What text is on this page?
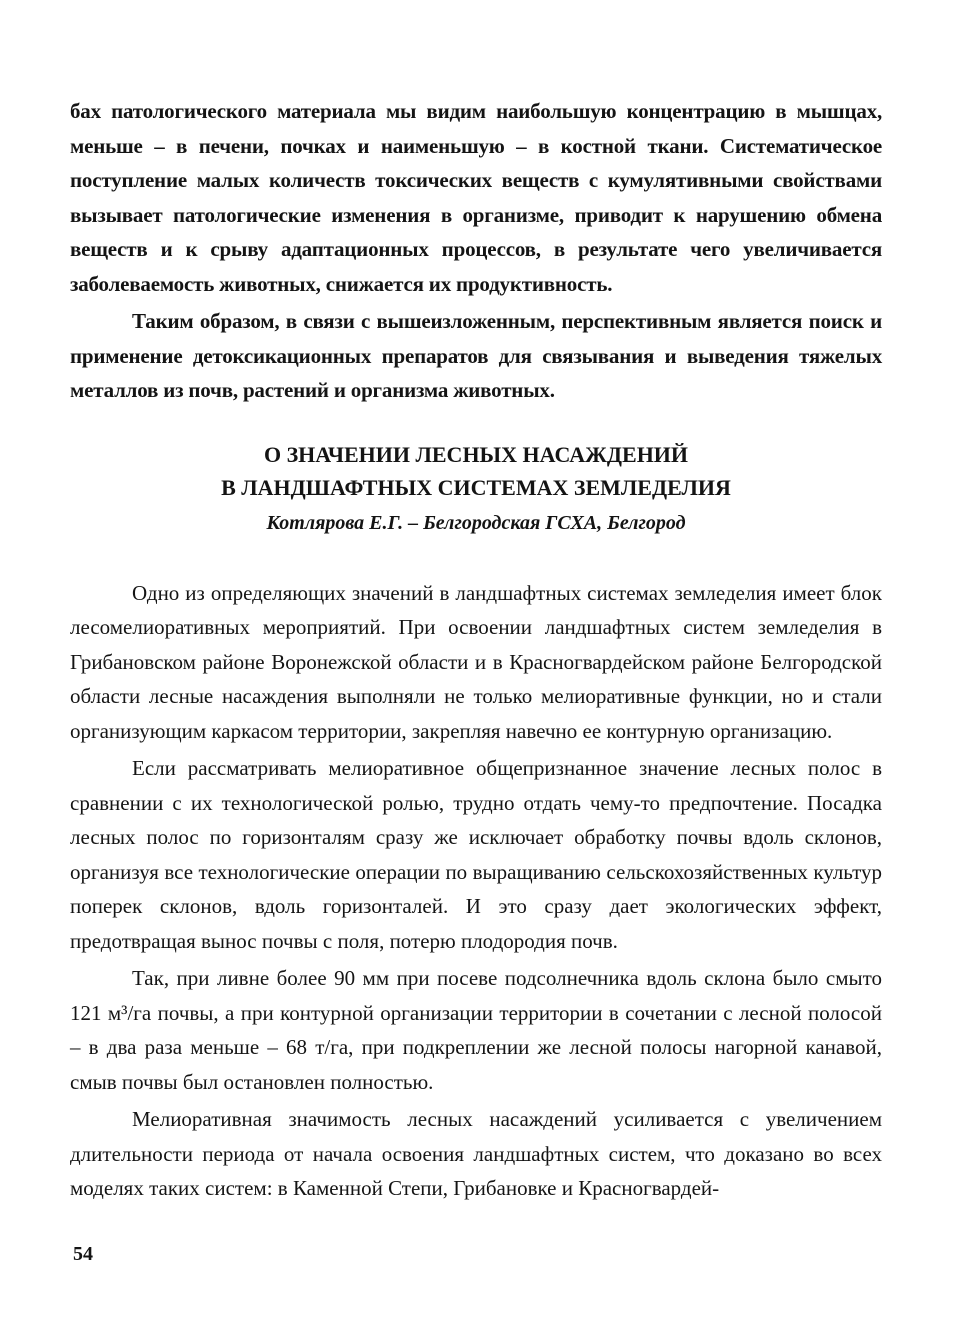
бах патологического материала мы видим наибольшую концентрацию в мышцах, меньше – в печени, почках и наименьшую – в костной ткани. Систематическое поступление малых количеств токсических веществ с кумулятивными свойствами вызывает патологические изменения в организме, приводит к нарушению обмена веществ и к срыву адаптационных процессов, в результате чего увеличивается заболеваемость животных, снижается их продуктивность.

Таким образом, в связи с вышеизложенным, перспективным является поиск и применение детоксикационных препаратов для связывания и выведения тяжелых металлов из почв, растений и организма животных.

О ЗНАЧЕНИИ ЛЕСНЫХ НАСАЖДЕНИЙ
В ЛАНДШАФТНЫХ СИСТЕМАХ ЗЕМЛЕДЕЛИЯ

Котлярова Е.Г. – Белгородская ГСХА, Белгород

Одно из определяющих значений в ландшафтных системах земледелия имеет блок лесомелиоративных мероприятий. При освоении ландшафтных систем земледелия в Грибановском районе Воронежской области и в Красногвардейском районе Белгородской области лесные насаждения выполняли не только мелиоративные функции, но и стали организующим каркасом территории, закрепляя навечно ее контурную организацию.

Если рассматривать мелиоративное общепризнанное значение лесных полос в сравнении с их технологической ролью, трудно отдать чему-то предпочтение. Посадка лесных полос по горизонталям сразу же исключает обработку почвы вдоль склонов, организуя все технологические операции по выращиванию сельскохозяйственных культур поперек склонов, вдоль горизонталей. И это сразу дает экологических эффект, предотвращая вынос почвы с поля, потерю плодородия почв.

Так, при ливне более 90 мм при посеве подсолнечника вдоль склона было смыто 121 м³/га почвы, а при контурной организации территории в сочетании с лесной полосой – в два раза меньше – 68 т/га, при подкреплении же лесной полосы нагорной канавой, смыв почвы был остановлен полностью.

Мелиоративная значимость лесных насаждений усиливается с увеличением длительности периода от начала освоения ландшафтных систем, что доказано во всех моделях таких систем: в Каменной Степи, Грибановке и Красногвардей-

54
